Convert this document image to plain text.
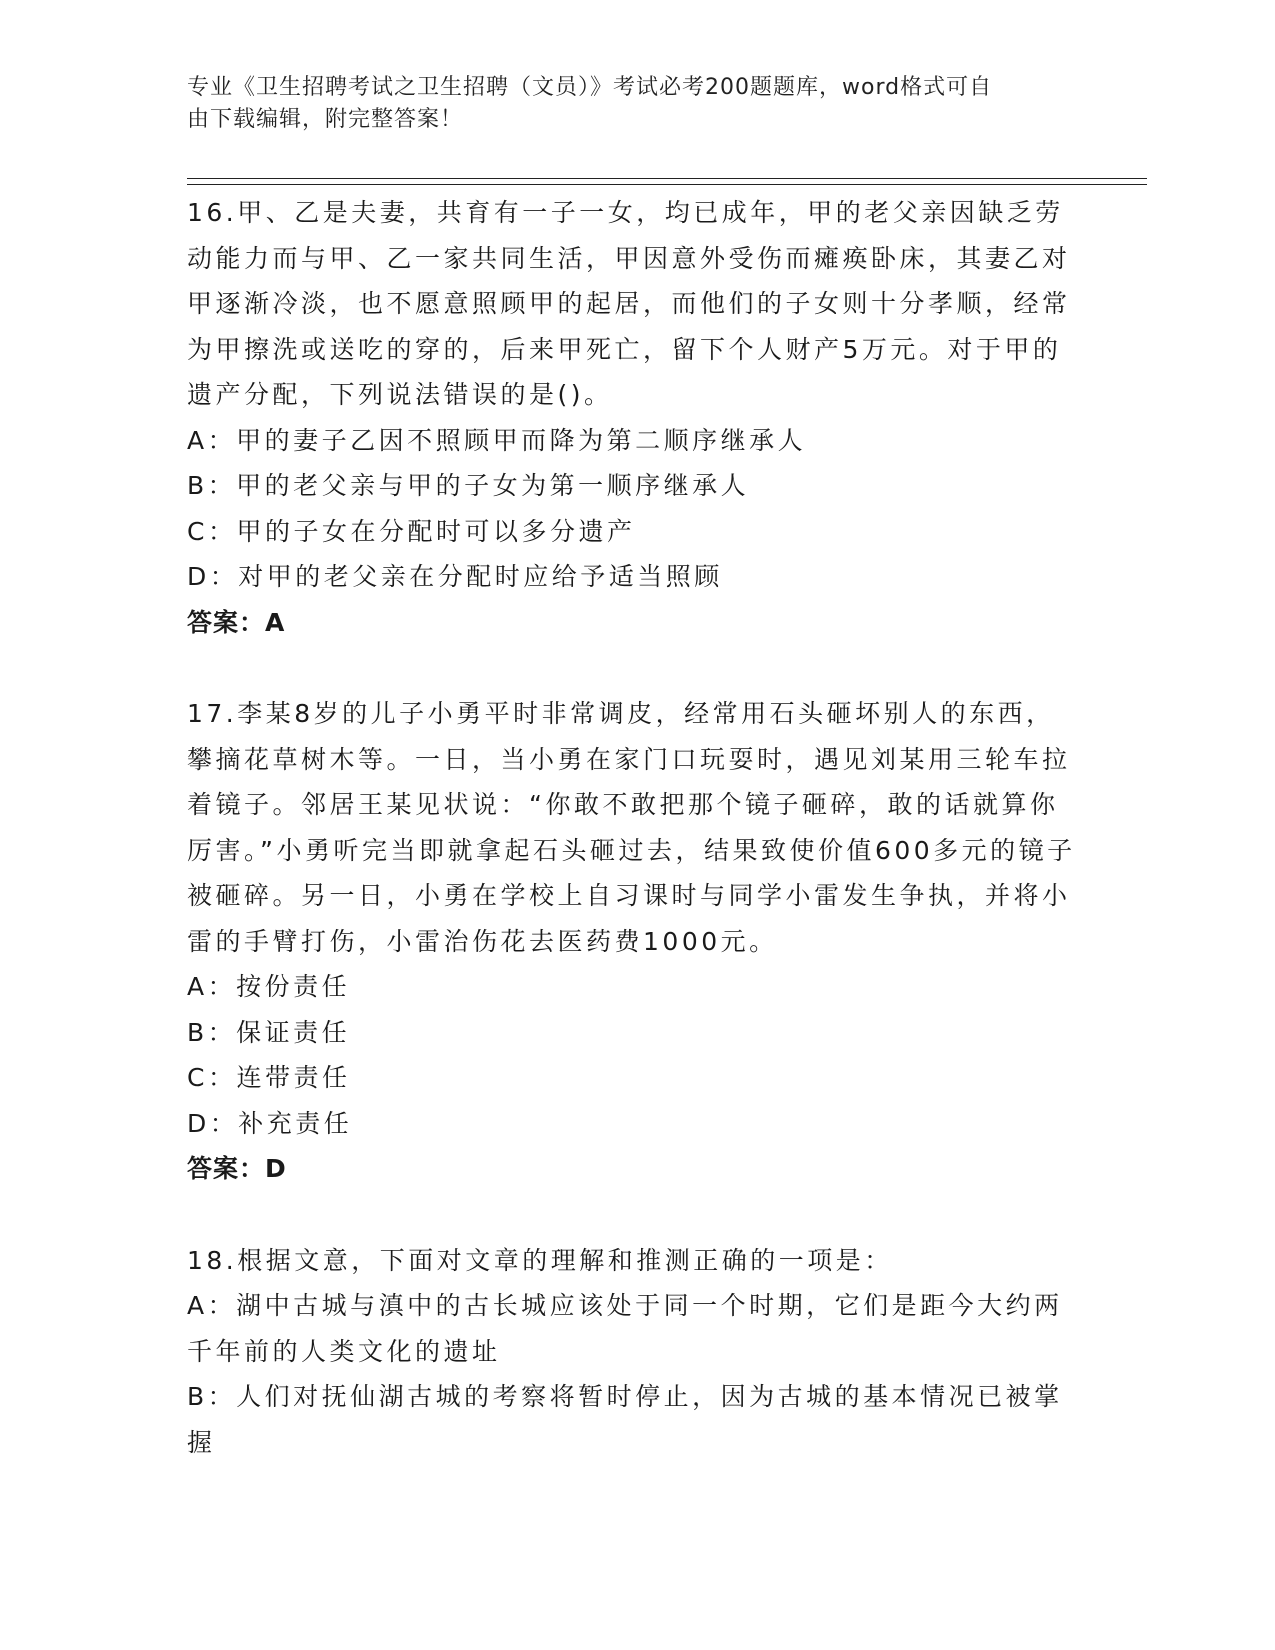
专业《卫生招聘考试之卫生招聘（文员）》考试必考200题题库，word格式可自
由下载编辑，附完整答案！

16.甲、乙是夫妻，共育有一子一女，均已成年，甲的老父亲因缺乏劳动能力而与甲、乙一家共同生活，甲因意外受伤而瘫痪卧床，其妻乙对甲逐渐冷淡，也不愿意照顾甲的起居，而他们的子女则十分孝顺，经常为甲擦洗或送吃的穿的，后来甲死亡，留下个人财产5万元。对于甲的遗产分配，下列说法错误的是()。

A：甲的妻子乙因不照顾甲而降为第二顺序继承人

B：甲的老父亲与甲的子女为第一顺序继承人

C：甲的子女在分配时可以多分遗产

D：对甲的老父亲在分配时应给予适当照顾

答案：A

17.李某8岁的儿子小勇平时非常调皮，经常用石头砸坏别人的东西，攀摘花草树木等。一日，当小勇在家门口玩耍时，遇见刘某用三轮车拉着镜子。邻居王某见状说：“你敢不敢把那个镜子砸碎，敢的话就算你厉害。”小勇听完当即就拿起石头砸过去，结果致使价值600多元的镜子被砸碎。另一日，小勇在学校上自习课时与同学小雷发生争执，并将小雷的手臂打伤，小雷治伤花去医药费1000元。

A：按份责任

B：保证责任

C：连带责任

D：补充责任

答案：D

18.根据文意，下面对文章的理解和推测正确的一项是：

A：湖中古城与滇中的古长城应该处于同一个时期，它们是距今大约两千年前的人类文化的遗址

B：人们对抚仙湖古城的考察将暂时停止，因为古城的基本情况已被掌握
